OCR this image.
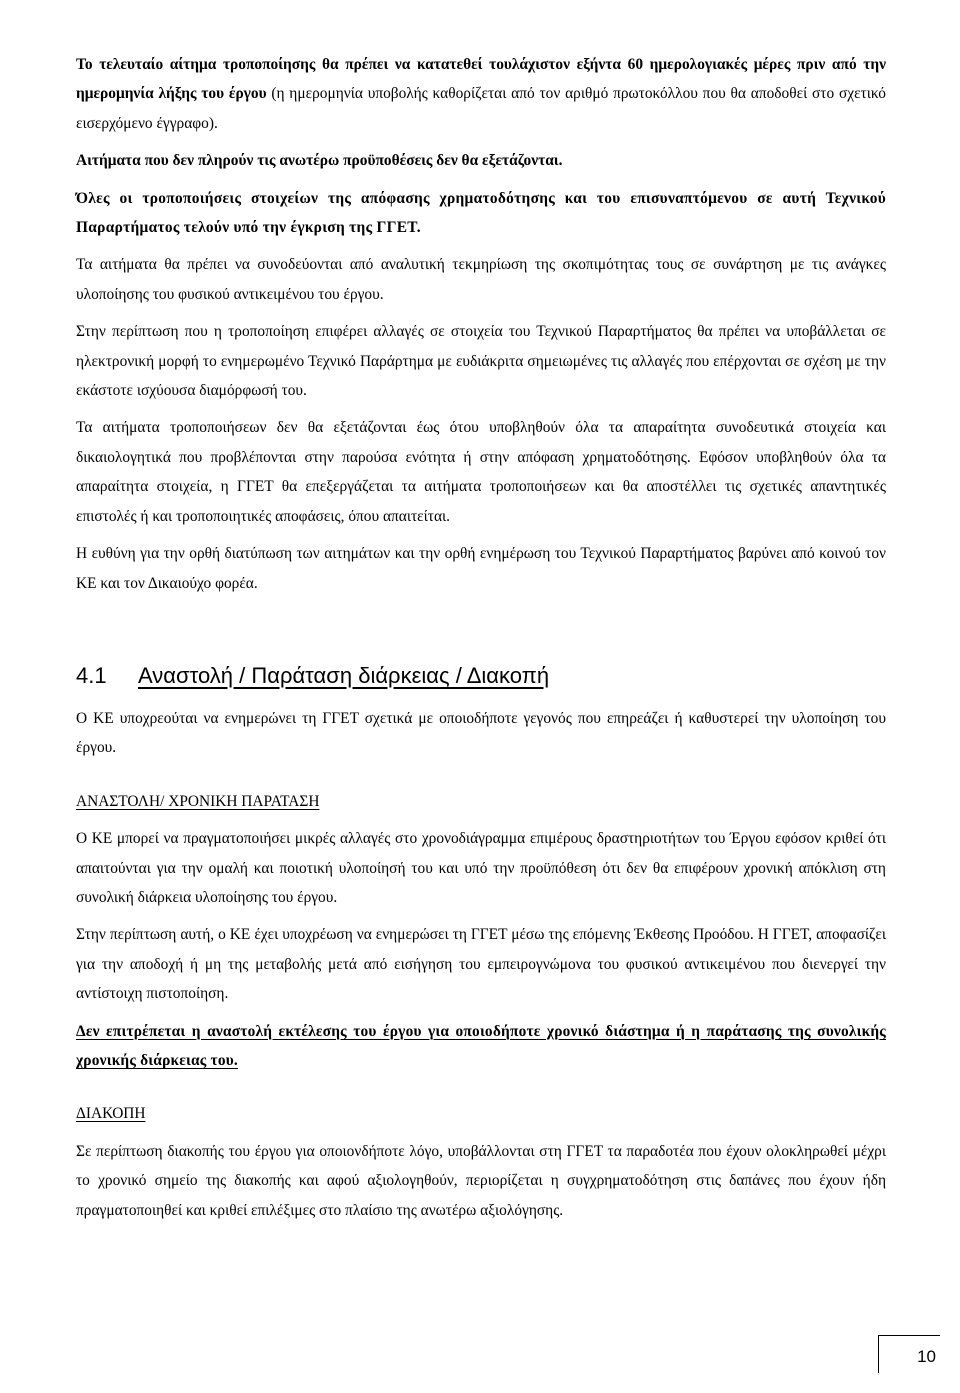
Το τελευταίο αίτημα τροποποίησης θα πρέπει να κατατεθεί τουλάχιστον εξήντα 60 ημερολογιακές μέρες πριν από την ημερομηνία λήξης του έργου (η ημερομηνία υποβολής καθορίζεται από τον αριθμό πρωτοκόλλου που θα αποδοθεί στο σχετικό εισερχόμενο έγγραφο).

Αιτήματα που δεν πληρούν τις ανωτέρω προϋποθέσεις δεν θα εξετάζονται.

Όλες οι τροποποιήσεις στοιχείων της απόφασης χρηματοδότησης και του επισυναπτόμενου σε αυτή Τεχνικού Παραρτήματος τελούν υπό την έγκριση της ΓΓΕΤ.

Τα αιτήματα θα πρέπει να συνοδεύονται από αναλυτική τεκμηρίωση της σκοπιμότητας τους σε συνάρτηση με τις ανάγκες υλοποίησης του φυσικού αντικειμένου του έργου.

Στην περίπτωση που η τροποποίηση επιφέρει αλλαγές σε στοιχεία του Τεχνικού Παραρτήματος θα πρέπει να υποβάλλεται σε ηλεκτρονική μορφή το ενημερωμένο Τεχνικό Παράρτημα με ευδιάκριτα σημειωμένες τις αλλαγές που επέρχονται σε σχέση με την εκάστοτε ισχύουσα διαμόρφωσή του.

Τα αιτήματα τροποποιήσεων δεν θα εξετάζονται έως ότου υποβληθούν όλα τα απαραίτητα συνοδευτικά στοιχεία και δικαιολογητικά που προβλέπονται στην παρούσα ενότητα ή στην απόφαση χρηματοδότησης. Εφόσον υποβληθούν όλα τα απαραίτητα στοιχεία, η ΓΓΕΤ θα επεξεργάζεται τα αιτήματα τροποποιήσεων και θα αποστέλλει τις σχετικές απαντητικές επιστολές ή και τροποποιητικές αποφάσεις, όπου απαιτείται.

Η ευθύνη για την ορθή διατύπωση των αιτημάτων και την ορθή ενημέρωση του Τεχνικού Παραρτήματος βαρύνει από κοινού τον ΚΕ και τον Δικαιούχο φορέα.

4.1 Αναστολή / Παράταση διάρκειας / Διακοπή

Ο ΚΕ υποχρεούται να ενημερώνει τη ΓΓΕΤ σχετικά με οποιοδήποτε γεγονός που επηρεάζει ή καθυστερεί την υλοποίηση του έργου.

ΑΝΑΣΤΟΛΗ/ ΧΡΟΝΙΚΗ ΠΑΡΑΤΑΣΗ

Ο ΚΕ μπορεί να πραγματοποιήσει μικρές αλλαγές στο χρονοδιάγραμμα επιμέρους δραστηριοτήτων του Έργου εφόσον κριθεί ότι απαιτούνται για την ομαλή και ποιοτική υλοποίησή του και υπό την προϋπόθεση ότι δεν θα επιφέρουν χρονική απόκλιση στη συνολική διάρκεια υλοποίησης του έργου.

Στην περίπτωση αυτή, ο ΚΕ έχει υποχρέωση να ενημερώσει τη ΓΓΕΤ μέσω της επόμενης Έκθεσης Προόδου. Η ΓΓΕΤ, αποφασίζει για την αποδοχή ή μη της μεταβολής μετά από εισήγηση του εμπειρογνώμονα του φυσικού αντικειμένου που διενεργεί την αντίστοιχη πιστοποίηση.

Δεν επιτρέπεται η αναστολή εκτέλεσης του έργου για οποιοδήποτε χρονικό διάστημα ή η παράτασης της συνολικής χρονικής διάρκειας του.

ΔΙΑΚΟΠΗ

Σε περίπτωση διακοπής του έργου για οποιονδήποτε λόγο, υποβάλλονται στη ΓΓΕΤ τα παραδοτέα που έχουν ολοκληρωθεί μέχρι το χρονικό σημείο της διακοπής και αφού αξιολογηθούν, περιορίζεται η συγχρηματοδότηση στις δαπάνες που έχουν ήδη πραγματοποιηθεί και κριθεί επιλέξιμες στο πλαίσιο της ανωτέρω αξιολόγησης.

10
